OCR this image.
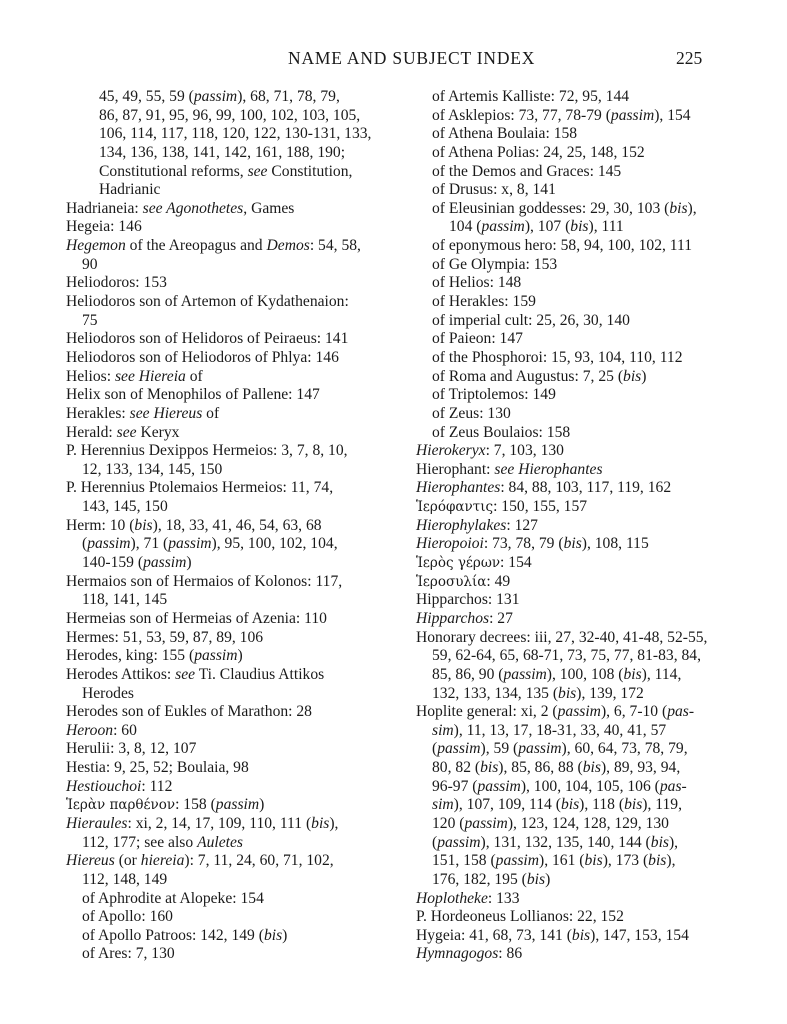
NAME AND SUBJECT INDEX	225
45, 49, 55, 59 (passim), 68, 71, 78, 79,
86, 87, 91, 95, 96, 99, 100, 102, 103, 105,
106, 114, 117, 118, 120, 122, 130-131, 133,
134, 136, 138, 141, 142, 161, 188, 190;
Constitutional reforms, see Constitution,
Hadrianic
Hadrianeia: see Agonothetes, Games
Hegeia: 146
Hegemon of the Areopagus and Demos: 54, 58,
90
Heliodoros: 153
Heliodoros son of Artemon of Kydathenaion:
75
Heliodoros son of Helidoros of Peiraeus: 141
Heliodoros son of Heliodoros of Phlya: 146
Helios: see Hiereia of
Helix son of Menophilos of Pallene: 147
Herakles: see Hiereus of
Herald: see Keryx
P. Herennius Dexippos Hermeios: 3, 7, 8, 10,
12, 133, 134, 145, 150
P. Herennius Ptolemaios Hermeios: 11, 74,
143, 145, 150
Herm: 10 (bis), 18, 33, 41, 46, 54, 63, 68
(passim), 71 (passim), 95, 100, 102, 104,
140-159 (passim)
Hermaios son of Hermaios of Kolonos: 117,
118, 141, 145
Hermeias son of Hermeias of Azenia: 110
Hermes: 51, 53, 59, 87, 89, 106
Herodes, king: 155 (passim)
Herodes Attikos: see Ti. Claudius Attikos
Herodes
Herodes son of Eukles of Marathon: 28
Heroon: 60
Herulii: 3, 8, 12, 107
Hestia: 9, 25, 52; Boulaia, 98
Hestiouchoi: 112
Ἱερὰν παρθένον: 158 (passim)
Hieraules: xi, 2, 14, 17, 109, 110, 111 (bis),
112, 177; see also Auletes
Hiereus (or hiereia): 7, 11, 24, 60, 71, 102,
112, 148, 149
of Aphrodite at Alopeke: 154
of Apollo: 160
of Apollo Patroos: 142, 149 (bis)
of Ares: 7, 130
of Artemis Kalliste: 72, 95, 144
of Asklepios: 73, 77, 78-79 (passim), 154
of Athena Boulaia: 158
of Athena Polias: 24, 25, 148, 152
of the Demos and Graces: 145
of Drusus: x, 8, 141
of Eleusinian goddesses: 29, 30, 103 (bis),
104 (passim), 107 (bis), 111
of eponymous hero: 58, 94, 100, 102, 111
of Ge Olympia: 153
of Helios: 148
of Herakles: 159
of imperial cult: 25, 26, 30, 140
of Paieon: 147
of the Phosphoroi: 15, 93, 104, 110, 112
of Roma and Augustus: 7, 25 (bis)
of Triptolemos: 149
of Zeus: 130
of Zeus Boulaios: 158
Hierokeryx: 7, 103, 130
Hierophant: see Hierophantes
Hierophantes: 84, 88, 103, 117, 119, 162
Ἱερόφαντις: 150, 155, 157
Hierophylakes: 127
Hieropoioi: 73, 78, 79 (bis), 108, 115
Ἱερὸς γέρων: 154
Ἱεροσυλία: 49
Hipparchos: 131
Hipparchos: 27
Honorary decrees: iii, 27, 32-40, 41-48, 52-55,
59, 62-64, 65, 68-71, 73, 75, 77, 81-83, 84,
85, 86, 90 (passim), 100, 108 (bis), 114,
132, 133, 134, 135 (bis), 139, 172
Hoplite general: xi, 2 (passim), 6, 7-10 (pas-
sim), 11, 13, 17, 18-31, 33, 40, 41, 57
(passim), 59 (passim), 60, 64, 73, 78, 79,
80, 82 (bis), 85, 86, 88 (bis), 89, 93, 94,
96-97 (passim), 100, 104, 105, 106 (pas-
sim), 107, 109, 114 (bis), 118 (bis), 119,
120 (passim), 123, 124, 128, 129, 130
(passim), 131, 132, 135, 140, 144 (bis),
151, 158 (passim), 161 (bis), 173 (bis),
176, 182, 195 (bis)
Hoplotheke: 133
P. Hordeoneus Lollianos: 22, 152
Hygeia: 41, 68, 73, 141 (bis), 147, 153, 154
Hymnagogos: 86
